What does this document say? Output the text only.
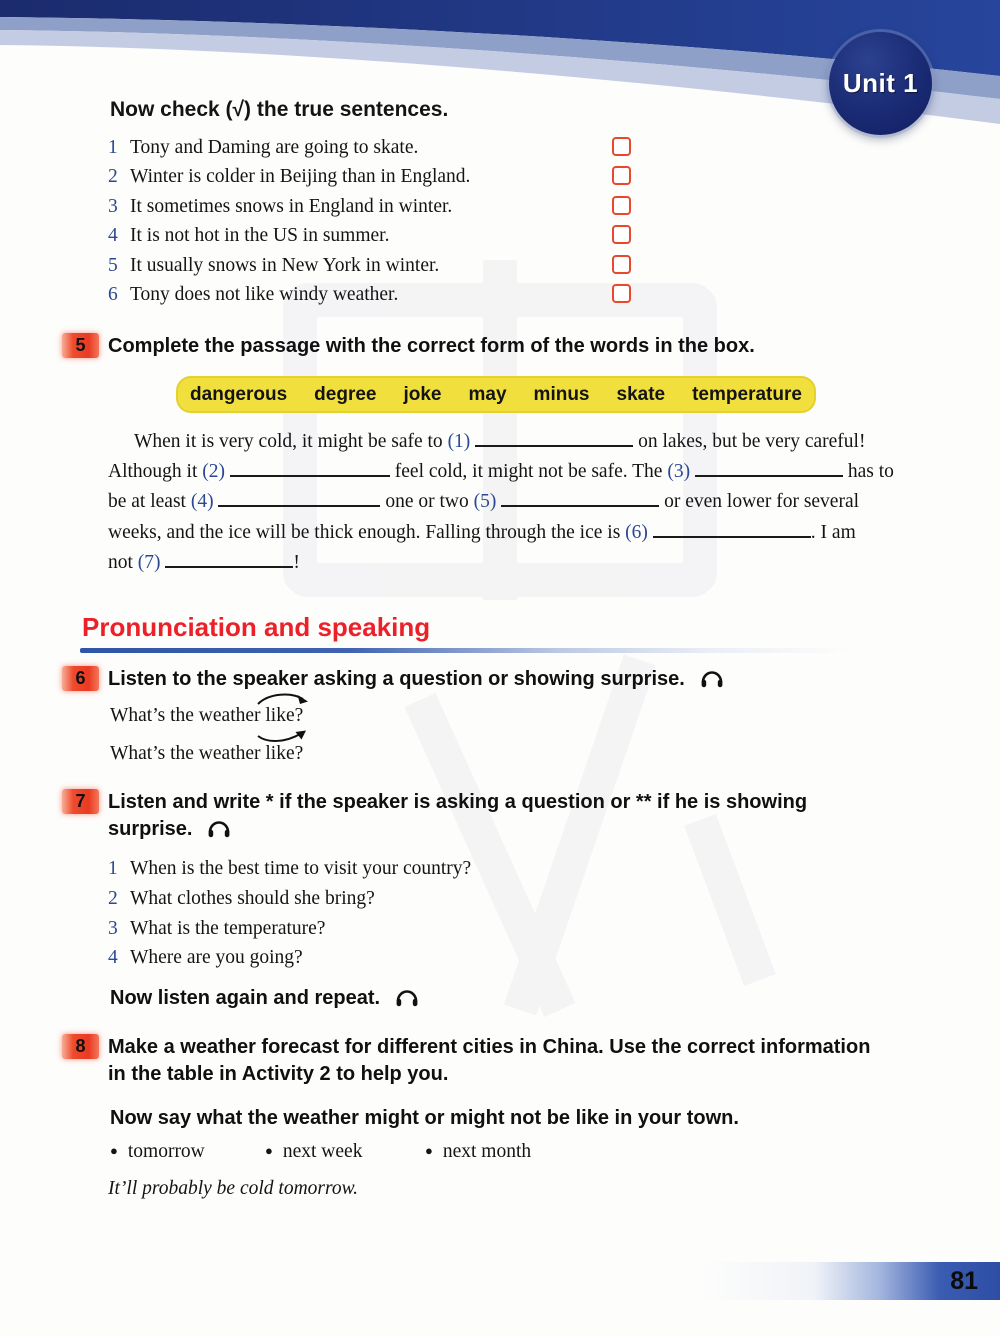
Unit 1
Now check (√) the true sentences.
1 Tony and Daming are going to skate.
2 Winter is colder in Beijing than in England.
3 It sometimes snows in England in winter.
4 It is not hot in the US in summer.
5 It usually snows in New York in winter.
6 Tony does not like windy weather.
5 Complete the passage with the correct form of the words in the box.
dangerous degree joke may minus skate temperature
When it is very cold, it might be safe to (1)	on lakes, but be very careful!
Although it (2)	feel cold, it might not be safe. The (3)	has to
be at least (4)	one or two (5)	or even lower for several
weeks, and the ice will be thick enough. Falling through the ice is (6)	. I am
not (7)	!
Pronunciation and speaking
6 Listen to the speaker asking a question or showing surprise.
What’s the weather
like?
What’s the weather
like?
7 Listen and write * if the speaker is asking a question or ** if he is showing
surprise.
1 When is the best time to visit your country?
2 What clothes should she bring?
3 What is the temperature?
4 Where are you going?
Now listen again and repeat.
8 Make a weather forecast for different cities in China. Use the correct information
in the table in Activity 2 to help you.
Now say what the weather might or might not be like in your town.
● tomorrow	● next week	● next month
It’ll probably be cold tomorrow.
81
